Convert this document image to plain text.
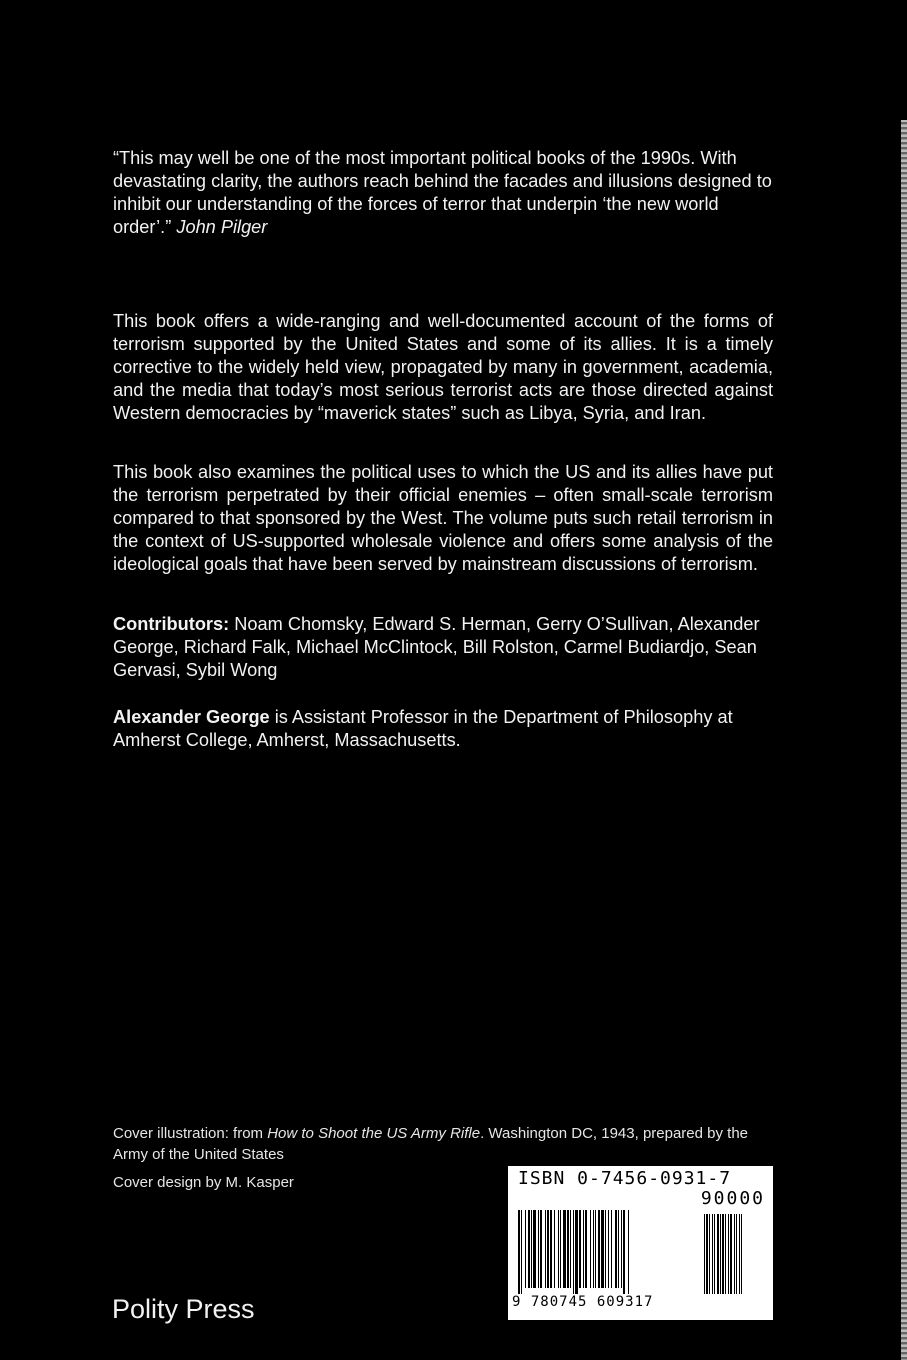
“This may well be one of the most important political books of the 1990s. With devastating clarity, the authors reach behind the facades and illusions designed to inhibit our understanding of the forces of terror that underpin ‘the new world order’.” John Pilger

This book offers a wide-ranging and well-documented account of the forms of terrorism supported by the United States and some of its allies. It is a timely corrective to the widely held view, propagated by many in government, academia, and the media that today’s most serious terrorist acts are those directed against Western democracies by “maverick states” such as Libya, Syria, and Iran.

This book also examines the political uses to which the US and its allies have put the terrorism perpetrated by their official enemies – often small-scale terrorism compared to that sponsored by the West. The volume puts such retail terrorism in the context of US-supported wholesale violence and offers some analysis of the ideological goals that have been served by mainstream discussions of terrorism.

Contributors: Noam Chomsky, Edward S. Herman, Gerry O’Sullivan, Alexander George, Richard Falk, Michael McClintock, Bill Rolston, Carmel Budiardjo, Sean Gervasi, Sybil Wong
Alexander George is Assistant Professor in the Department of Philosophy at Amherst College, Amherst, Massachusetts.
Cover illustration: from How to Shoot the US Army Rifle. Washington DC, 1943, prepared by the Army of the United States
Cover design by M. Kasper
Polity Press
ISBN 0-7456-0931-7
90000
9 780745 609317
